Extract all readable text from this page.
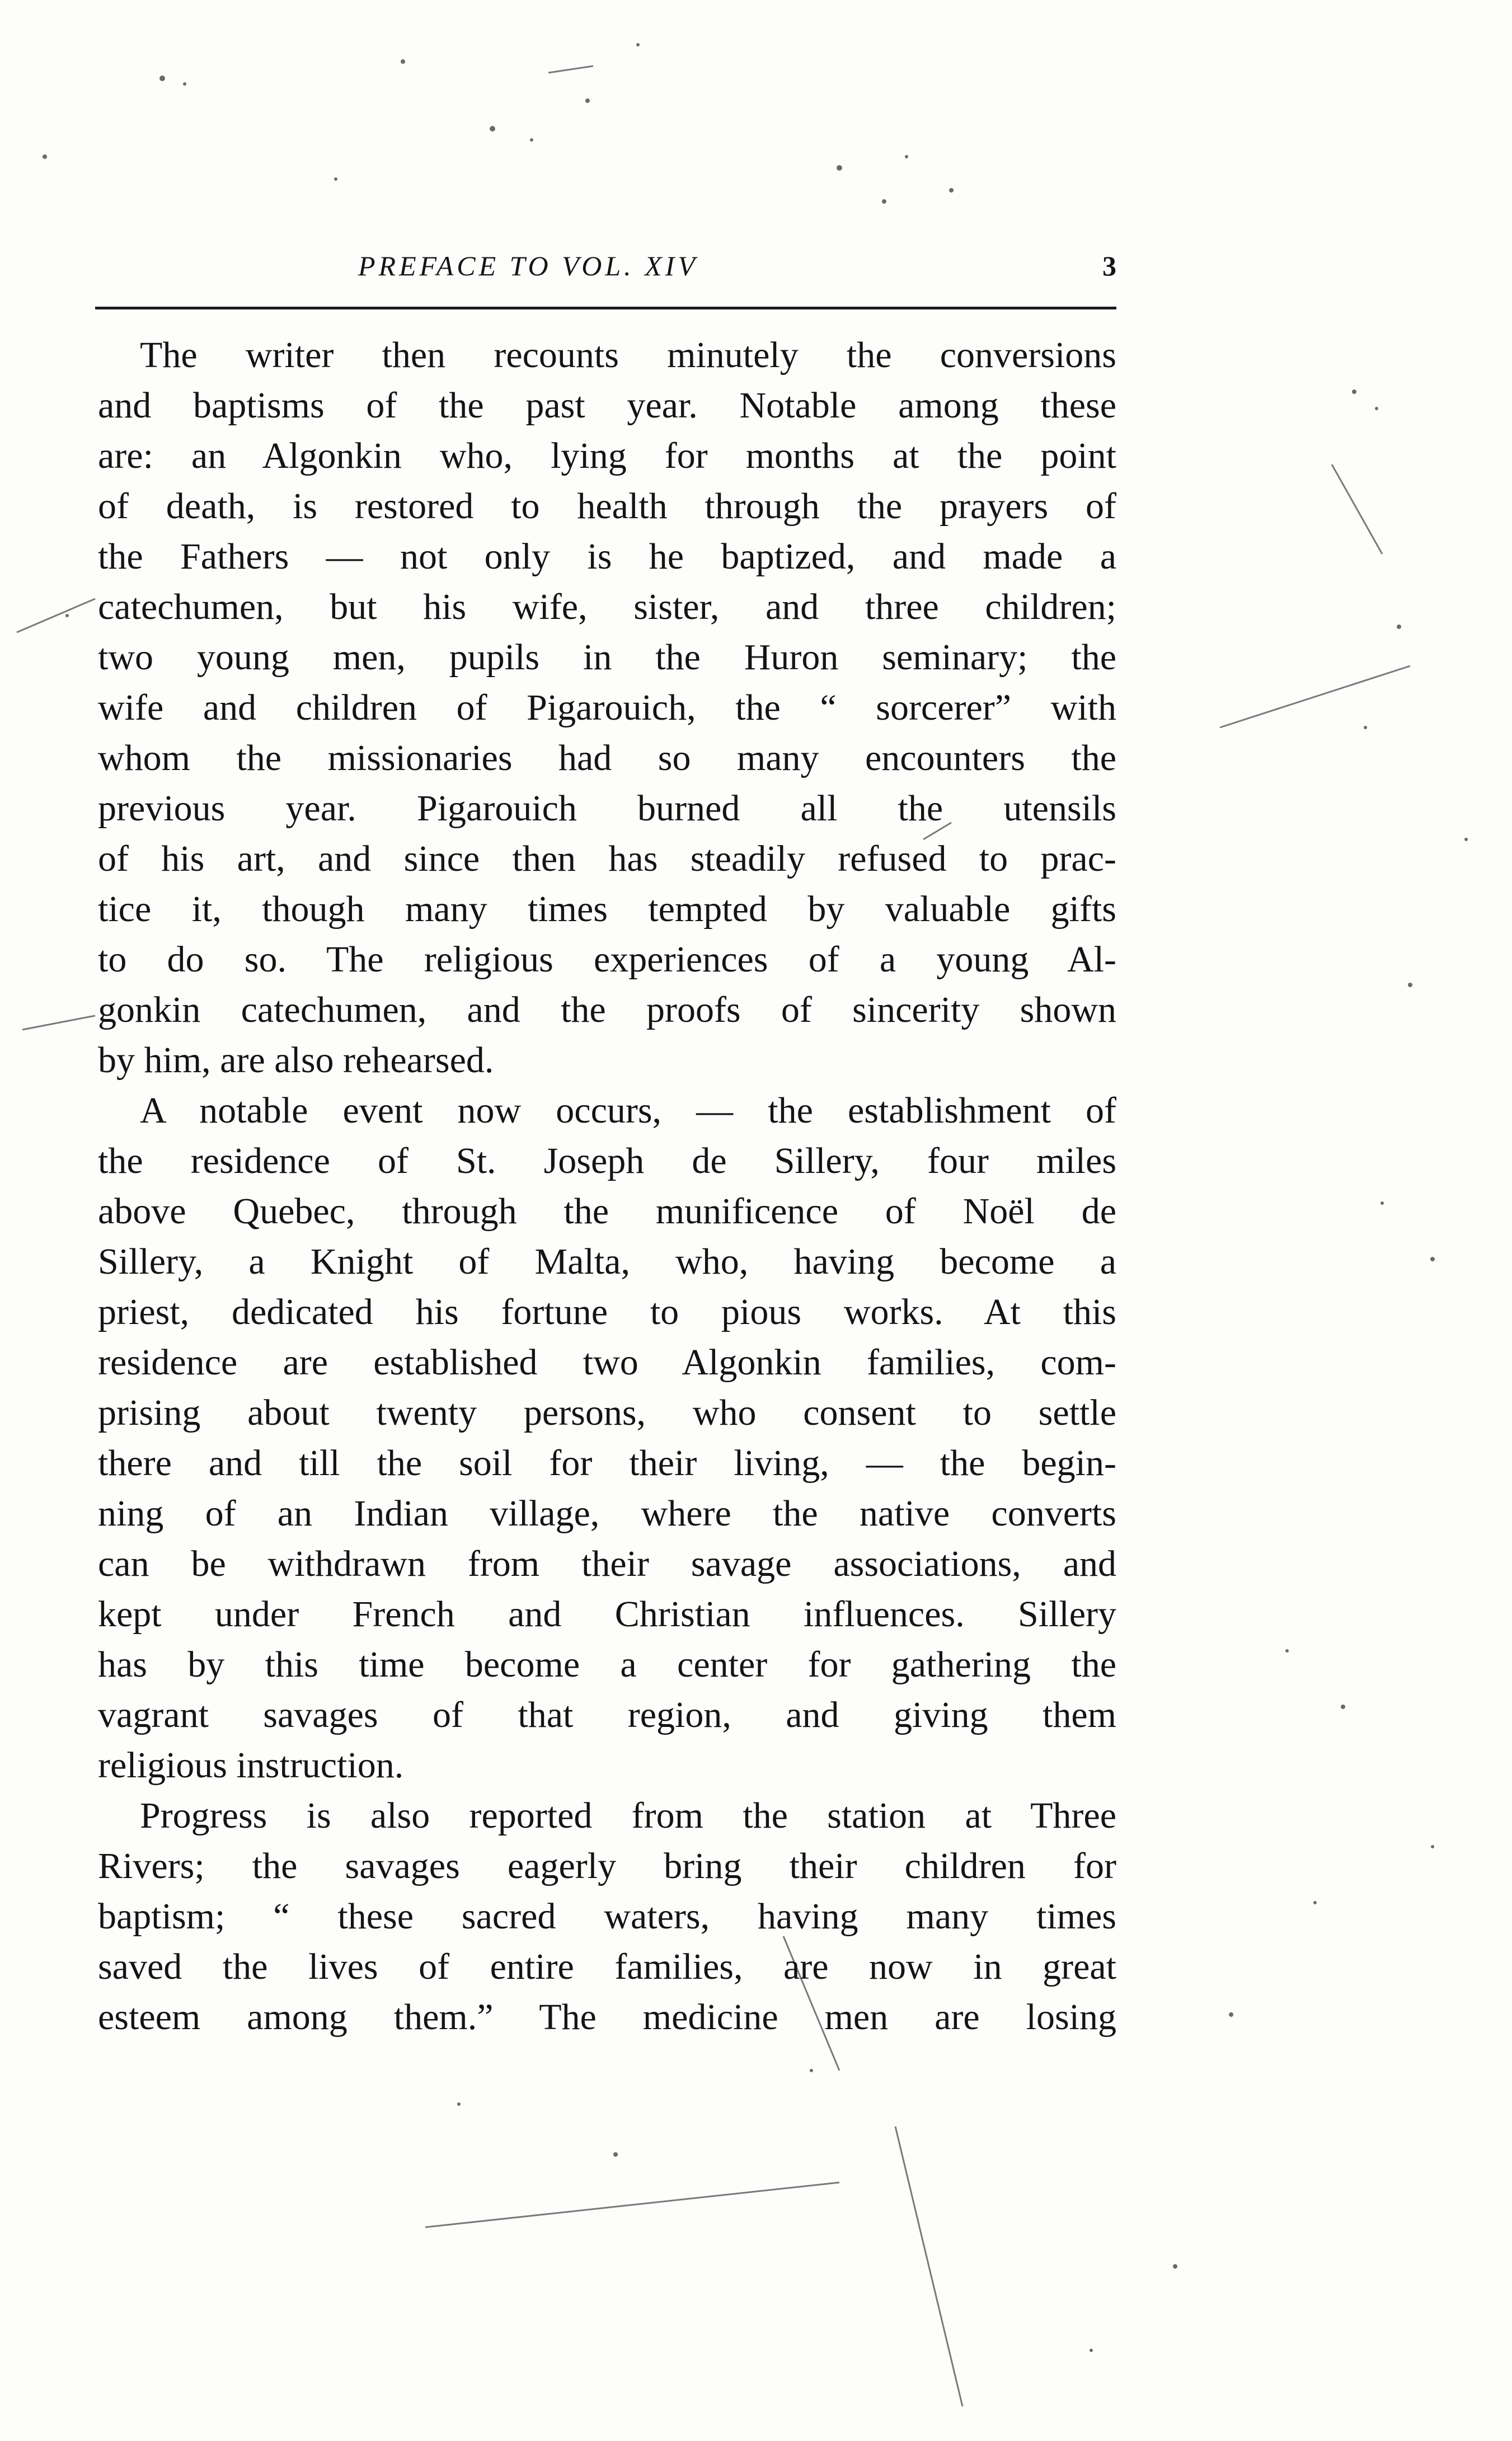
PREFACE TO VOL. XIV	3
The writer then recounts minutely the conversions
and baptisms of the past year. Notable among these
are: an Algonkin who, lying for months at the point
of death, is restored to health through the prayers of
the Fathers — not only is he baptized, and made a
catechumen, but his wife, sister, and three children;
two young men, pupils in the Huron seminary; the
wife and children of Pigarouich, the “ sorcerer” with
whom the missionaries had so many encounters the
previous year. Pigarouich burned all the utensils
of his art, and since then has steadily refused to prac-
tice it, though many times tempted by valuable gifts
to do so. The religious experiences of a young Al-
gonkin catechumen, and the proofs of sincerity shown
by him, are also rehearsed.
A notable event now occurs, — the establishment of
the residence of St. Joseph de Sillery, four miles
above Quebec, through the munificence of Noël de
Sillery, a Knight of Malta, who, having become a
priest, dedicated his fortune to pious works. At this
residence are established two Algonkin families, com-
prising about twenty persons, who consent to settle
there and till the soil for their living, — the begin-
ning of an Indian village, where the native converts
can be withdrawn from their savage associations, and
kept under French and Christian influences. Sillery
has by this time become a center for gathering the
vagrant savages of that region, and giving them
religious instruction.
Progress is also reported from the station at Three
Rivers; the savages eagerly bring their children for
baptism; “ these sacred waters, having many times
saved the lives of entire families, are now in great
esteem among them.” The medicine men are losing
